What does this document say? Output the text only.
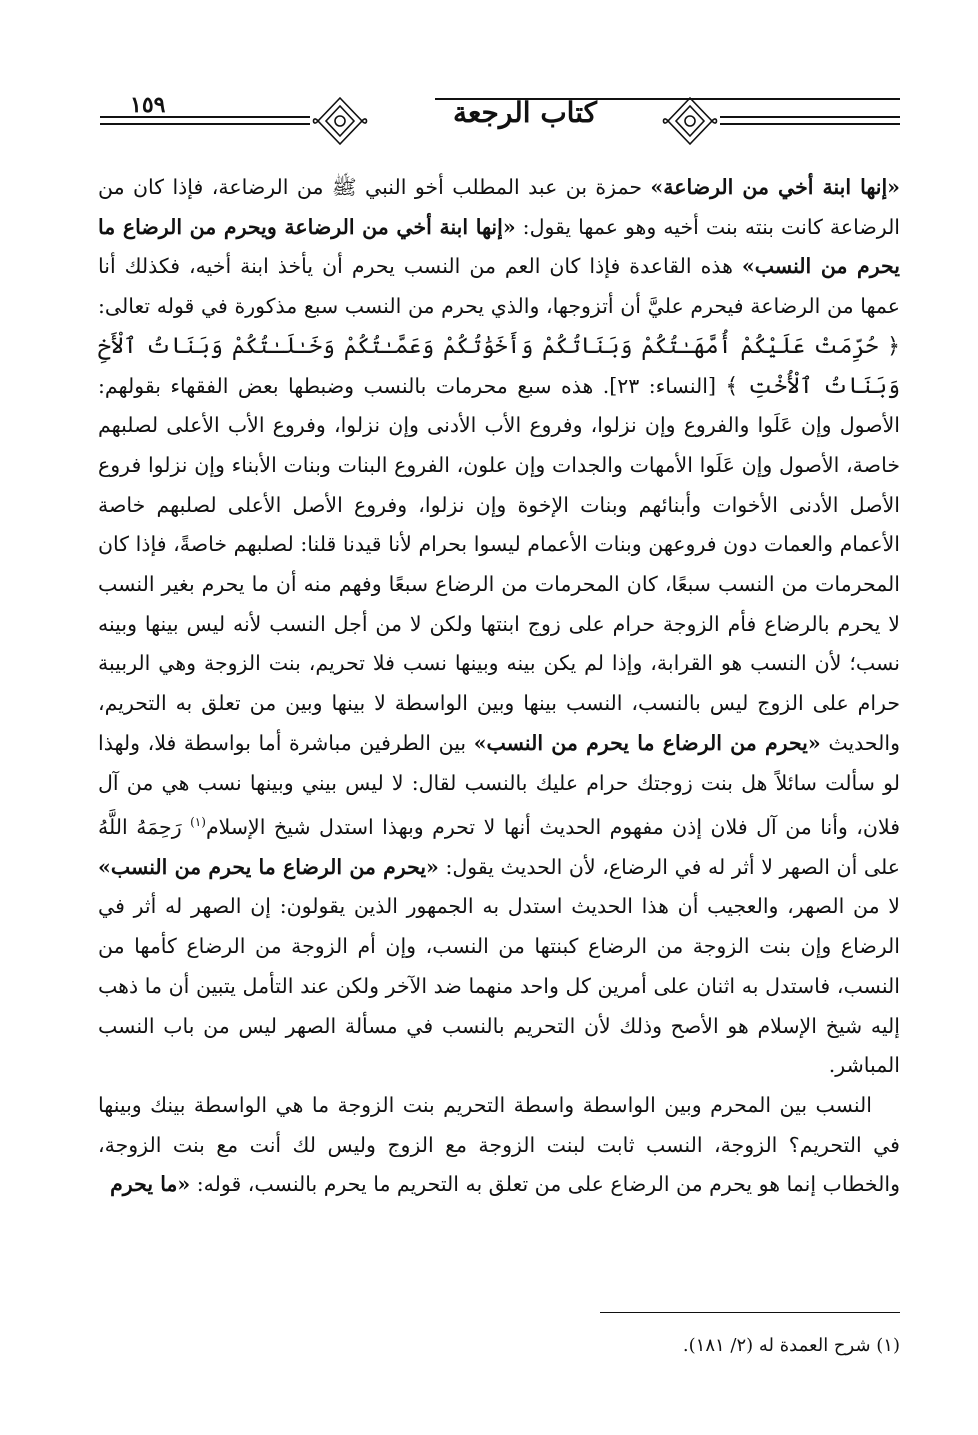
١٥٩	كتاب الرجعة

«إنها ابنة أخي من الرضاعة» حمزة بن عبد المطلب أخو النبي ﷺ من الرضاعة، فإذا كان من الرضاعة كانت بنته بنت أخيه وهو عمها يقول: «إنها ابنة أخي من الرضاعة ويحرم من الرضاع ما يحرم من النسب» هذه القاعدة فإذا كان العم من النسب يحرم أن يأخذ ابنة أخيه، فكذلك أنا عمها من الرضاعة فيحرم عليَّ أن أتزوجها، والذي يحرم من النسب سبع مذكورة في قوله تعالى: ﴿ حُرِّمَتْ عَلَيْكُمْ أُمَّهَـٰتُكُمْ وَبَنَاتُكُمْ وَأَخَوَٰتُكُمْ وَعَمَّـٰتُكُمْ وَخَـٰلَـٰتُكُمْ وَبَنَاتُ ٱلْأَخِ وَبَنَاتُ ٱلْأُخْتِ ﴾ [النساء: ٢٣]. هذه سبع محرمات بالنسب وضبطها بعض الفقهاء بقولهم: الأصول وإن عَلَوا والفروع وإن نزلوا، وفروع الأب الأدنى وإن نزلوا، وفروع الأب الأعلى لصلبهم خاصة، الأصول وإن عَلَوا الأمهات والجدات وإن علون، الفروع البنات وبنات الأبناء وإن نزلوا فروع الأصل الأدنى الأخوات وأبنائهم وبنات الإخوة وإن نزلوا، وفروع الأصل الأعلى لصلبهم خاصة الأعمام والعمات دون فروعهن وبنات الأعمام ليسوا بحرام لأنا قيدنا قلنا: لصلبهم خاصةً، فإذا كان المحرمات من النسب سبعًا، كان المحرمات من الرضاع سبعًا وفهم منه أن ما يحرم بغير النسب لا يحرم بالرضاع فأم الزوجة حرام على زوج ابنتها ولكن لا من أجل النسب لأنه ليس بينها وبينه نسب؛ لأن النسب هو القرابة، وإذا لم يكن بينه وبينها نسب فلا تحريم، بنت الزوجة وهي الربيبة حرام على الزوج ليس بالنسب، النسب بينها وبين الواسطة لا بينها وبين من تعلق به التحريم، والحديث «يحرم من الرضاع ما يحرم من النسب» بين الطرفين مباشرة أما بواسطة فلا، ولهذا لو سألت سائلاً هل بنت زوجتك حرام عليك بالنسب لقال: لا ليس بيني وبينها نسب هي من آل فلان، وأنا من آل فلان إذن مفهوم الحديث أنها لا تحرم وبهذا استدل شيخ الإسلام$^{(١)}$ رَحِمَهُ اللَّهُ على أن الصهر لا أثر له في الرضاع، لأن الحديث يقول: «يحرم من الرضاع ما يحرم من النسب» لا من الصهر، والعجيب أن هذا الحديث استدل به الجمهور الذين يقولون: إن الصهر له أثر في الرضاع وإن بنت الزوجة من الرضاع كبنتها من النسب، وإن أم الزوجة من الرضاع كأمها من النسب، فاستدل به اثنان على أمرين كل واحد منهما ضد الآخر ولكن عند التأمل يتبين أن ما ذهب إليه شيخ الإسلام هو الأصح وذلك لأن التحريم بالنسب في مسألة الصهر ليس من باب النسب المباشر.

النسب بين المحرم وبين الواسطة واسطة التحريم بنت الزوجة ما هي الواسطة بينك وبينها في التحريم؟ الزوجة، النسب ثابت لبنت الزوجة مع الزوج وليس لك أنت مع بنت الزوجة، والخطاب إنما هو يحرم من الرضاع على من تعلق به التحريم ما يحرم بالنسب، قوله: «ما يحرم

(١) شرح العمدة له (٢/ ١٨١).
